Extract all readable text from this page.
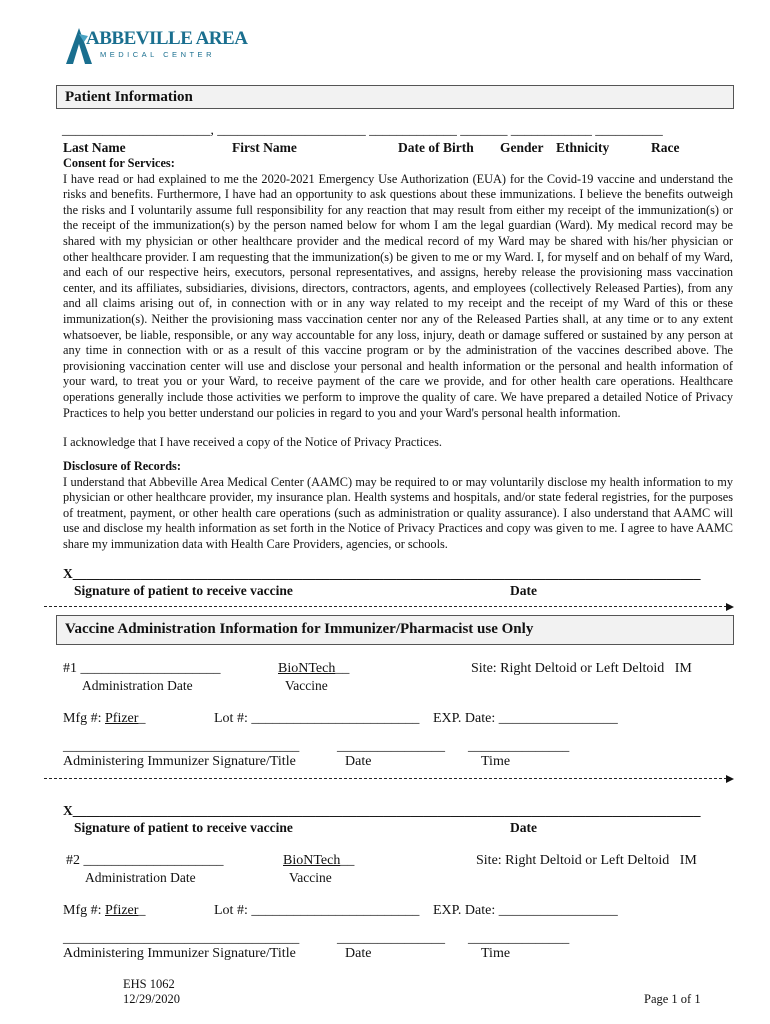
ABBEVILLE AREA
MEDICAL CENTER
Patient Information
______________________, ______________________ _____________ _______ ____________ __________
Last Name	First Name	Date of Birth Gender Ethnicity	Race
Consent for Services:
I have read or had explained to me the 2020-2021 Emergency Use Authorization (EUA) for the Covid-19 vaccine and understand the risks and benefits. Furthermore, I have had an opportunity to ask questions about these immunizations. I believe the benefits outweigh the risks and I voluntarily assume full responsibility for any reaction that may result from either my receipt of the immunization(s) or the receipt of the immunization(s) by the person named below for whom I am the legal guardian (Ward). My medical record may be shared with my physician or other healthcare provider and the medical record of my Ward may be shared with his/her physician or other healthcare provider. I am requesting that the immunization(s) be given to me or my Ward. I, for myself and on behalf of my Ward, and each of our respective heirs, executors, personal representatives, and assigns, hereby release the provisioning mass vaccination center, and its affiliates, subsidiaries, divisions, directors, contractors, agents, and employees (collectively Released Parties), from any and all claims arising out of, in connection with or in any way related to my receipt and the receipt of my Ward of this or these immunization(s). Neither the provisioning mass vaccination center nor any of the Released Parties shall, at any time or to any extent whatsoever, be liable, responsible, or any way accountable for any loss, injury, death or damage suffered or sustained by any person at any time in connection with or as a result of this vaccine program or by the administration of the vaccines described above. The provisioning vaccination center will use and disclose your personal and health information or the personal and health information of your ward, to treat you or your Ward, to receive payment of the care we provide, and for other health care operations. Healthcare operations generally include those activities we perform to improve the quality of care. We have prepared a detailed Notice of Privacy Practices to help you better understand our policies in regard to you and your Ward's personal health information.
I acknowledge that I have received a copy of the Notice of Privacy Practices.
Disclosure of Records:
I understand that Abbeville Area Medical Center (AAMC) may be required to or may voluntarily disclose my health information to my physician or other healthcare provider, my insurance plan. Health systems and hospitals, and/or state federal registries, for the purposes of treatment, payment, or other health care operations (such as administration or quality assurance). I also understand that AAMC will use and disclose my health information as set forth in the Notice of Privacy Practices and copy was given to me. I agree to have AAMC share my immunization data with Health Care Providers, agencies, or schools.
X_____________________________________________________________________________________________
Signature of patient to receive vaccine	Date
Vaccine Administration Information for Immunizer/Pharmacist use Only
#1 ____________________
Administration Date
BioNTech__
Vaccine
Site: Right Deltoid or Left Deltoid   IM
Mfg #: Pfizer_	Lot #: ________________________ EXP. Date: _________________
___________________________________	________________ _______________
Administering Immunizer Signature/Title	Date	Time
X_____________________________________________________________________________________________
Signature of patient to receive vaccine	Date
#2 ____________________
Administration Date
BioNTech__
Vaccine
Site: Right Deltoid or Left Deltoid   IM
Mfg #: Pfizer_	Lot #: ________________________ EXP. Date: _________________
___________________________________	________________ _______________
Administering Immunizer Signature/Title	Date	Time
EHS 1062
12/29/2020	Page 1 of 1
